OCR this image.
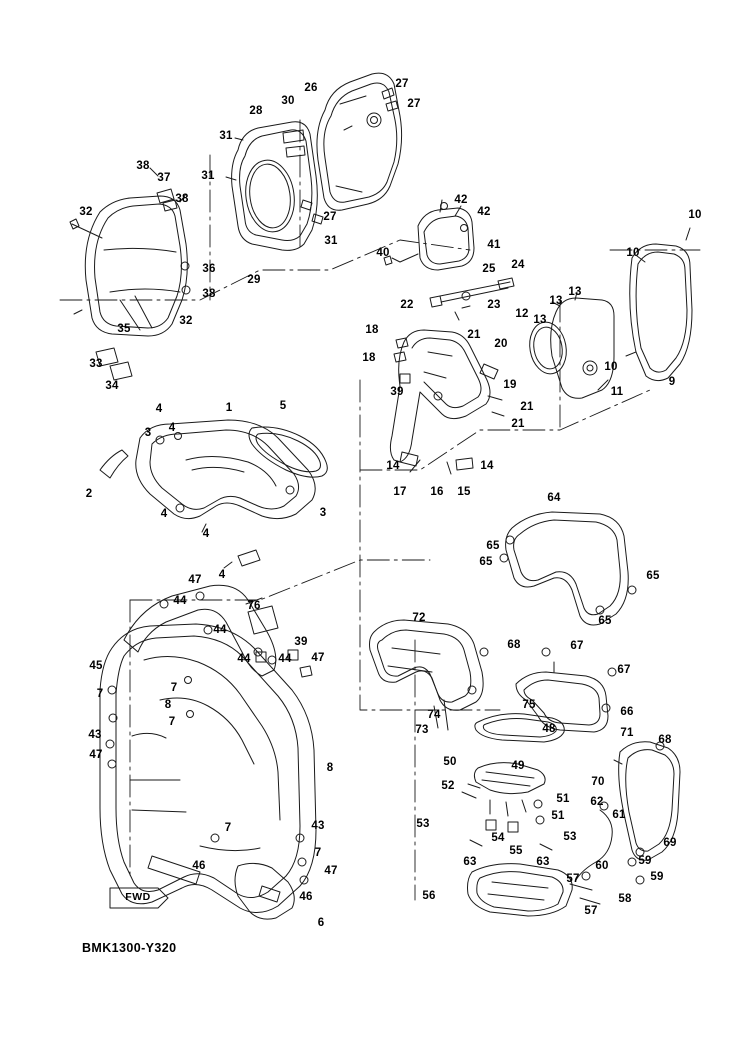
FWD
BMK1300-Y320
26	27
27
28
30
31
31
27
31
38
37
38
32
36
38
29
32
35
33
34
42
42
41
40
25 24
22	23	13
13
12 13
10
10
10
9
11
18
18
21
20
19
21
21
39
14	14
17 16 15
4	1	5
3 4
2
4	3
4
4
64
65
65
65
65
47
44
44
76
39
44 44 47
45
7	7
8
7
43
47
8
7	43
7
47
46
46
6
72
68	67
67
75
66
74
73	48	71
68
50	49
52	70
51 62
53
51	61
53	69
54
55
63	63	60	59
57	59
56	58
57
